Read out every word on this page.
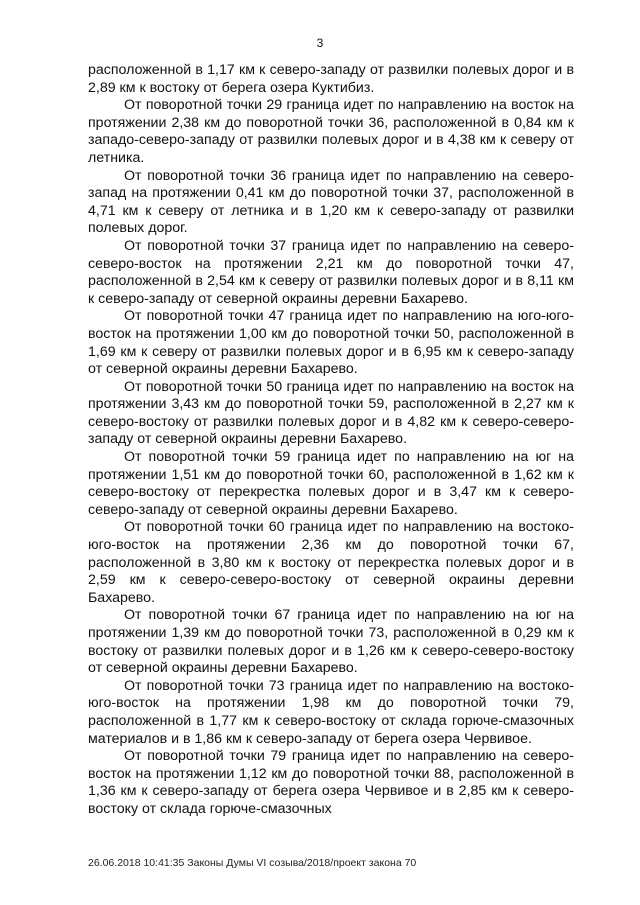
3

расположенной в 1,17 км к северо-западу от развилки полевых дорог и в 2,89 км к востоку от берега озера Куктибиз.

От поворотной точки 29 граница идет по направлению на восток на протяжении 2,38 км до поворотной точки 36, расположенной в 0,84 км к западо-северо-западу от развилки полевых дорог и в 4,38 км к северу от летника.

От поворотной точки 36 граница идет по направлению на северо-запад на протяжении 0,41 км до поворотной точки 37, расположенной в 4,71 км к северу от летника и в 1,20 км к северо-западу от развилки полевых дорог.

От поворотной точки 37 граница идет по направлению на северо-северо-восток на протяжении 2,21 км до поворотной точки 47, расположенной в 2,54 км к северу от развилки полевых дорог и в 8,11 км к северо-западу от северной окраины деревни Бахарево.

От поворотной точки 47 граница идет по направлению на юго-юго-восток на протяжении 1,00 км до поворотной точки 50, расположенной в 1,69 км к северу от развилки полевых дорог и в 6,95 км к северо-западу от северной окраины деревни Бахарево.

От поворотной точки 50 граница идет по направлению на восток на протяжении 3,43 км до поворотной точки 59, расположенной в 2,27 км к северо-востоку от развилки полевых дорог и в 4,82 км к северо-северо-западу от северной окраины деревни Бахарево.

От поворотной точки 59 граница идет по направлению на юг на протяжении 1,51 км до поворотной точки 60, расположенной в 1,62 км к северо-востоку от перекрестка полевых дорог и в 3,47 км к северо-северо-западу от северной окраины деревни Бахарево.

От поворотной точки 60 граница идет по направлению на востоко-юго-восток на протяжении 2,36 км до поворотной точки 67, расположенной в 3,80 км к востоку от перекрестка полевых дорог и в 2,59 км к северо-северо-востоку от северной окраины деревни Бахарево.

От поворотной точки 67 граница идет по направлению на юг на протяжении 1,39 км до поворотной точки 73, расположенной в 0,29 км к востоку от развилки полевых дорог и в 1,26 км к северо-северо-востоку от северной окраины деревни Бахарево.

От поворотной точки 73 граница идет по направлению на востоко-юго-восток на протяжении 1,98 км до поворотной точки 79, расположенной в 1,77 км к северо-востоку от склада горюче-смазочных материалов и в 1,86 км к северо-западу от берега озера Червивое.

От поворотной точки 79 граница идет по направлению на северо-восток на протяжении 1,12 км до поворотной точки 88, расположенной в 1,36 км к северо-западу от берега озера Червивое и в 2,85 км к северо-востоку от склада горюче-смазочных

26.06.2018 10:41:35 Законы Думы VI созыва/2018/проект закона 70
